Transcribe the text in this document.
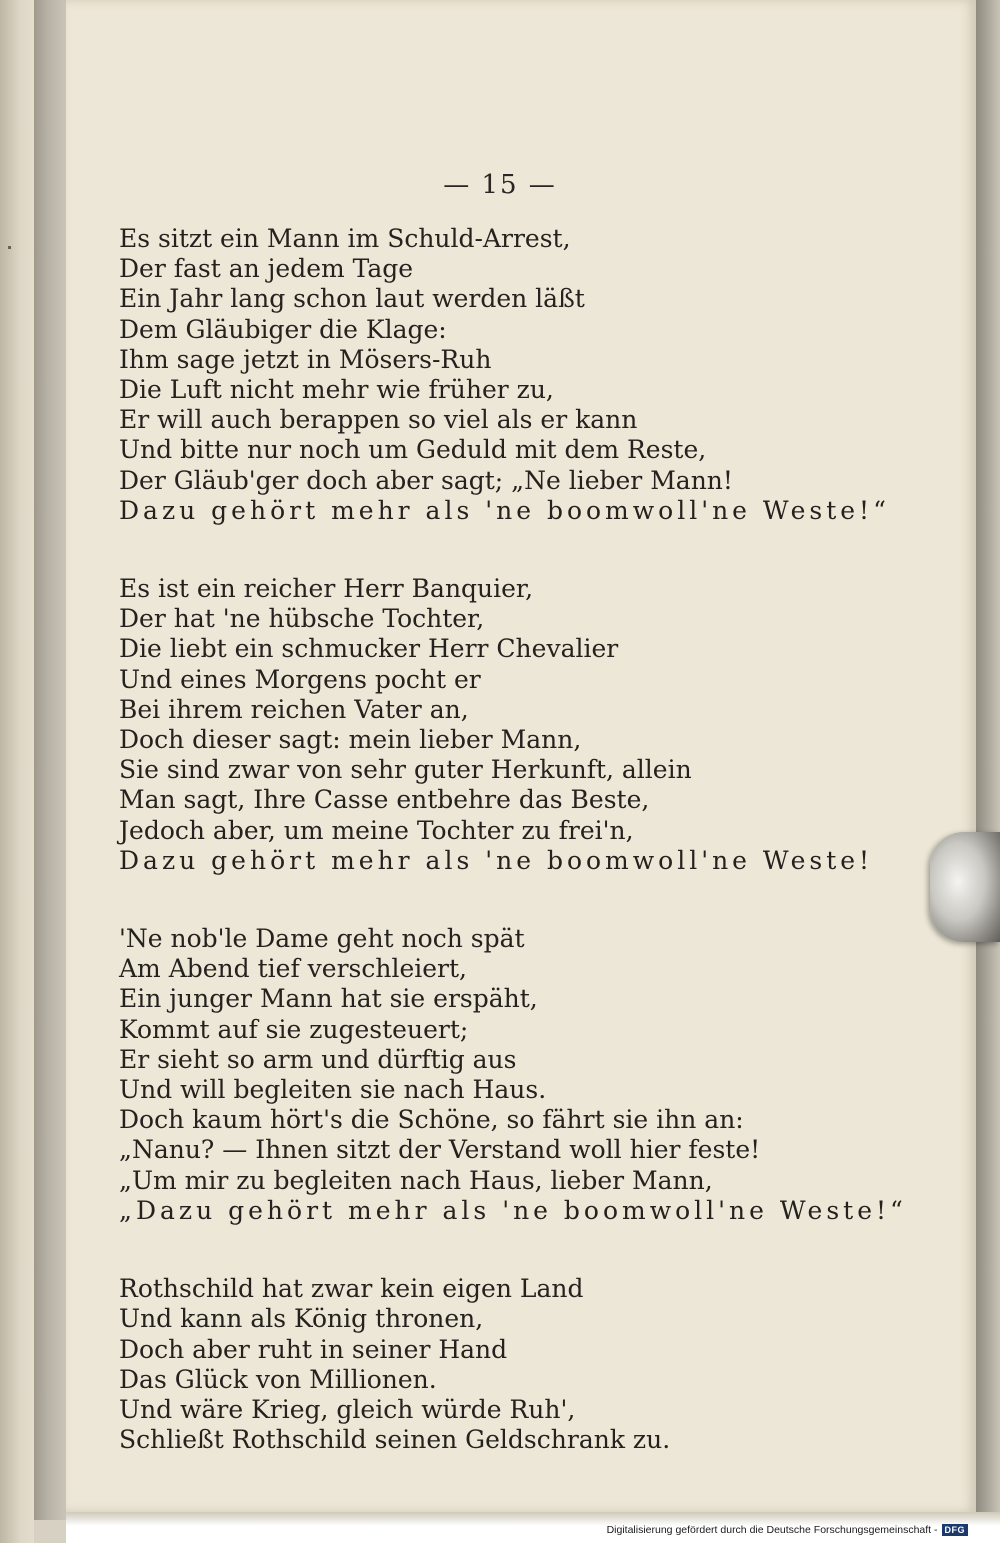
— 15 —
Es sitzt ein Mann im Schuld-Arrest,
Der fast an jedem Tage
Ein Jahr lang schon laut werden läßt
Dem Gläubiger die Klage:
Ihm sage jetzt in Mösers-Ruh
Die Luft nicht mehr wie früher zu,
Er will auch berappen so viel als er kann
Und bitte nur noch um Geduld mit dem Reste,
Der Gläub'ger doch aber sagt; „Ne lieber Mann!
Dazu gehört mehr als 'ne boomwoll'ne Weste!“
Es ist ein reicher Herr Banquier,
Der hat 'ne hübsche Tochter,
Die liebt ein schmucker Herr Chevalier
Und eines Morgens pocht er
Bei ihrem reichen Vater an,
Doch dieser sagt: mein lieber Mann,
Sie sind zwar von sehr guter Herkunft, allein
Man sagt, Ihre Casse entbehre das Beste,
Jedoch aber, um meine Tochter zu frei'n,
Dazu gehört mehr als 'ne boomwoll'ne Weste!
'Ne nob'le Dame geht noch spät
Am Abend tief verschleiert,
Ein junger Mann hat sie erspäht,
Kommt auf sie zugesteuert;
Er sieht so arm und dürftig aus
Und will begleiten sie nach Haus.
Doch kaum hört's die Schöne, so fährt sie ihn an:
„Nanu? — Ihnen sitzt der Verstand woll hier feste!
„Um mir zu begleiten nach Haus, lieber Mann,
„Dazu gehört mehr als 'ne boomwoll'ne Weste!“
Rothschild hat zwar kein eigen Land
Und kann als König thronen,
Doch aber ruht in seiner Hand
Das Glück von Millionen.
Und wäre Krieg, gleich würde Ruh',
Schließt Rothschild seinen Geldschrank zu.
Digitalisierung gefördert durch die Deutsche Forschungsgemeinschaft - DFG
